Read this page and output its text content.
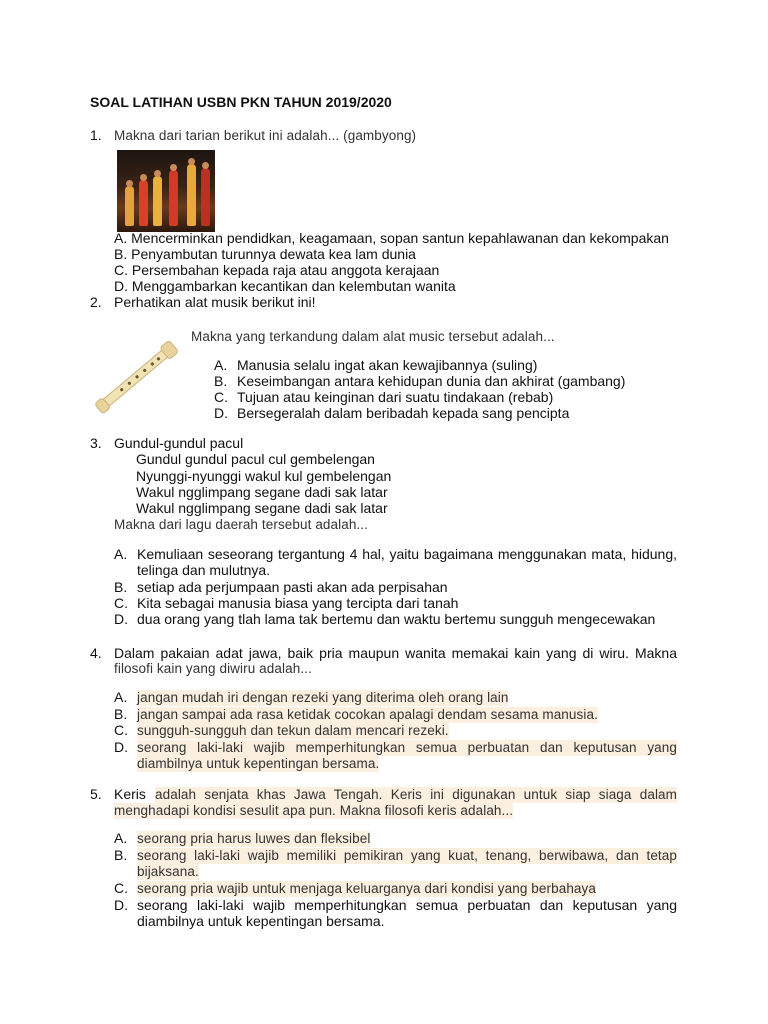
SOAL LATIHAN USBN PKN TAHUN 2019/2020
1. Makna dari tarian berikut ini adalah... (gambyong)
A. Mencerminkan pendidkan, keagamaan, sopan santun kepahlawanan dan kekompakan
B. Penyambutan turunnya dewata kea lam dunia
C. Persembahan kepada raja atau anggota kerajaan
D. Menggambarkan kecantikan dan kelembutan wanita
2. Perhatikan alat musik berikut ini!
Makna yang terkandung dalam alat music tersebut adalah...
A. Manusia selalu ingat akan kewajibannya (suling)
B. Keseimbangan antara kehidupan dunia dan akhirat (gambang)
C. Tujuan atau keinginan dari suatu tindakaan (rebab)
D. Bersegeralah dalam beribadah kepada sang pencipta
3. Gundul-gundul pacul
Gundul gundul pacul cul gembelengan
Nyunggi-nyunggi wakul kul gembelengan
Wakul ngglimpang segane dadi sak latar
Wakul ngglimpang segane dadi sak latar
Makna dari lagu daerah tersebut adalah...
A. Kemuliaan seseorang tergantung 4 hal, yaitu bagaimana menggunakan mata, hidung,
telinga dan mulutnya.
B. setiap ada perjumpaan pasti akan ada perpisahan
C. Kita sebagai manusia biasa yang tercipta dari tanah
D. dua orang yang tlah lama tak bertemu dan waktu bertemu sungguh mengecewakan
4. Dalam pakaian adat jawa, baik pria maupun wanita memakai kain yang di wiru. Makna
filosofi kain yang diwiru adalah...
A. jangan mudah iri dengan rezeki yang diterima oleh orang lain
B. jangan sampai ada rasa ketidak cocokan apalagi dendam sesama manusia.
C. sungguh-sungguh dan tekun dalam mencari rezeki.
D. seorang laki-laki wajib memperhitungkan semua perbuatan dan keputusan yang
diambilnya untuk kepentingan bersama.
5. Keris adalah senjata khas Jawa Tengah. Keris ini digunakan untuk siap siaga dalam
menghadapi kondisi sesulit apa pun. Makna filosofi keris adalah...
A. seorang pria harus luwes dan fleksibel
B. seorang laki-laki wajib memiliki pemikiran yang kuat, tenang, berwibawa, dan tetap
bijaksana.
C. seorang pria wajib untuk menjaga keluarganya dari kondisi yang berbahaya
D. seorang laki-laki wajib memperhitungkan semua perbuatan dan keputusan yang
diambilnya untuk kepentingan bersama.
